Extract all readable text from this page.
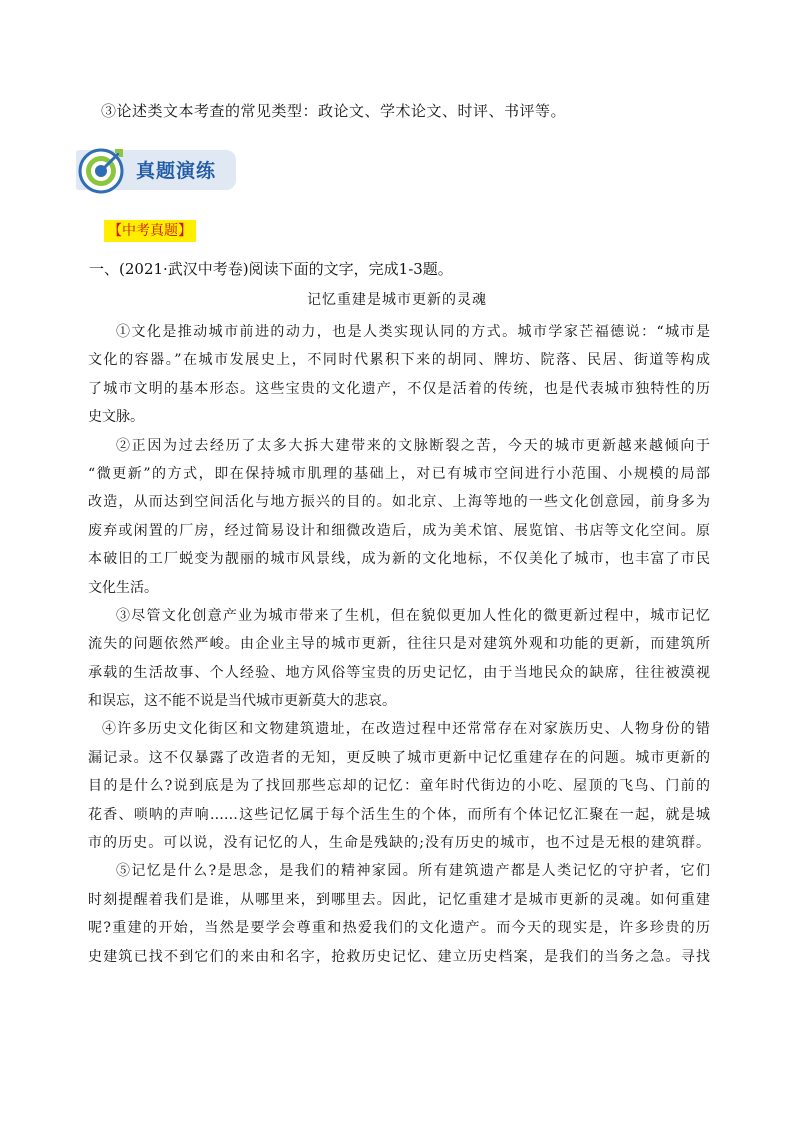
③论述类文本考查的常见类型：政论文、学术论文、时评、书评等。
真题演练
【中考真题】
一、(2021·武汉中考卷)阅读下面的文字，完成1-3题。
记忆重建是城市更新的灵魂
①文化是推动城市前进的动力，也是人类实现认同的方式。城市学家芒福德说：“城市是
文化的容器。”在城市发展史上，不同时代累积下来的胡同、牌坊、院落、民居、街道等构成
了城市文明的基本形态。这些宝贵的文化遗产，不仅是活着的传统，也是代表城市独特性的历
史文脉。
②正因为过去经历了太多大拆大建带来的文脉断裂之苦，今天的城市更新越来越倾向于
“微更新”的方式，即在保持城市肌理的基础上，对已有城市空间进行小范围、小规模的局部
改造，从而达到空间活化与地方振兴的目的。如北京、上海等地的一些文化创意园，前身多为
废弃或闲置的厂房，经过简易设计和细微改造后，成为美术馆、展览馆、书店等文化空间。原
本破旧的工厂蜕变为靓丽的城市风景线，成为新的文化地标，不仅美化了城市，也丰富了市民
文化生活。
③尽管文化创意产业为城市带来了生机，但在貌似更加人性化的微更新过程中，城市记忆
流失的问题依然严峻。由企业主导的城市更新，往往只是对建筑外观和功能的更新，而建筑所
承载的生活故事、个人经验、地方风俗等宝贵的历史记忆，由于当地民众的缺席，往往被漠视
和误忘，这不能不说是当代城市更新莫大的悲哀。
④许多历史文化街区和文物建筑遗址，在改造过程中还常常存在对家族历史、人物身份的错
漏记录。这不仅暴露了改造者的无知，更反映了城市更新中记忆重建存在的问题。城市更新的
目的是什么?说到底是为了找回那些忘却的记忆：童年时代街边的小吃、屋顶的飞鸟、门前的
花香、唢呐的声响……这些记忆属于每个活生生的个体，而所有个体记忆汇聚在一起，就是城
市的历史。可以说，没有记忆的人，生命是残缺的;没有历史的城市，也不过是无根的建筑群。
⑤记忆是什么?是思念，是我们的精神家园。所有建筑遗产都是人类记忆的守护者，它们
时刻提醒着我们是谁，从哪里来，到哪里去。因此，记忆重建才是城市更新的灵魂。如何重建
呢?重建的开始，当然是要学会尊重和热爱我们的文化遗产。而今天的现实是，许多珍贵的历
史建筑已找不到它们的来由和名字，抢救历史记忆、建立历史档案，是我们的当务之急。寻找
